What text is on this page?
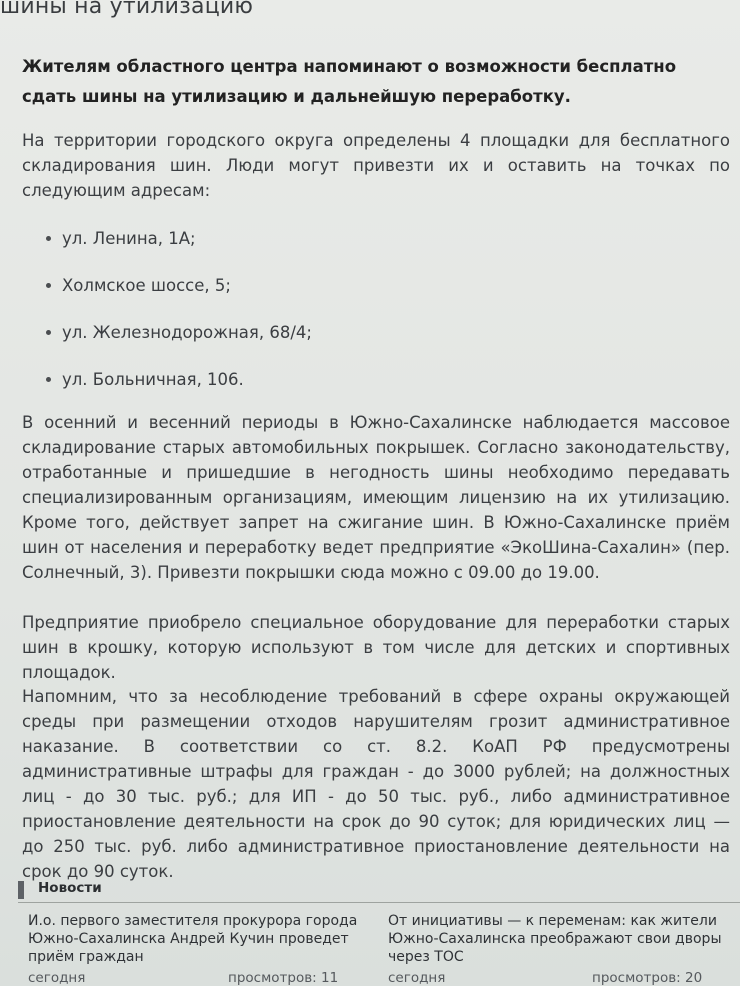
шины на утилизацию
Жителям областного центра напоминают о возможности бесплатно сдать шины на утилизацию и дальнейшую переработку.
На территории городского округа определены 4 площадки для бесплатного складирования шин. Люди могут привезти их и оставить на точках по следующим адресам:
ул. Ленина, 1А;
Холмское шоссе, 5;
ул. Железнодорожная, 68/4;
ул. Больничная, 106.
В осенний и весенний периоды в Южно-Сахалинске наблюдается массовое складирование старых автомобильных покрышек. Согласно законодательству, отработанные и пришедшие в негодность шины необходимо передавать специализированным организациям, имеющим лицензию на их утилизацию. Кроме того, действует запрет на сжигание шин. В Южно-Сахалинске приём шин от населения и переработку ведет предприятие «ЭкоШина-Сахалин» (пер. Солнечный, 3). Привезти покрышки сюда можно с 09.00 до 19.00.
Предприятие приобрело специальное оборудование для переработки старых шин в крошку, которую используют в том числе для детских и спортивных площадок.
Напомним, что за несоблюдение требований в сфере охраны окружающей среды при размещении отходов нарушителям грозит административное наказание. В соответствии со ст. 8.2. КоАП РФ предусмотрены административные штрафы для граждан - до 3000 рублей; на должностных лиц - до 30 тыс. руб.; для ИП - до 50 тыс. руб., либо административное приостановление деятельности на срок до 90 суток; для юридических лиц — до 250 тыс. руб. либо административное приостановление деятельности на срок до 90 суток.
Новости
И.о. первого заместителя прокурора города Южно-Сахалинска Андрей Кучин проведет приём граждан
От инициативы — к переменам: как жители Южно-Сахалинска преображают свои дворы через ТОС
сегодня	просмотров: 11	сегодня	просмотров: 20
